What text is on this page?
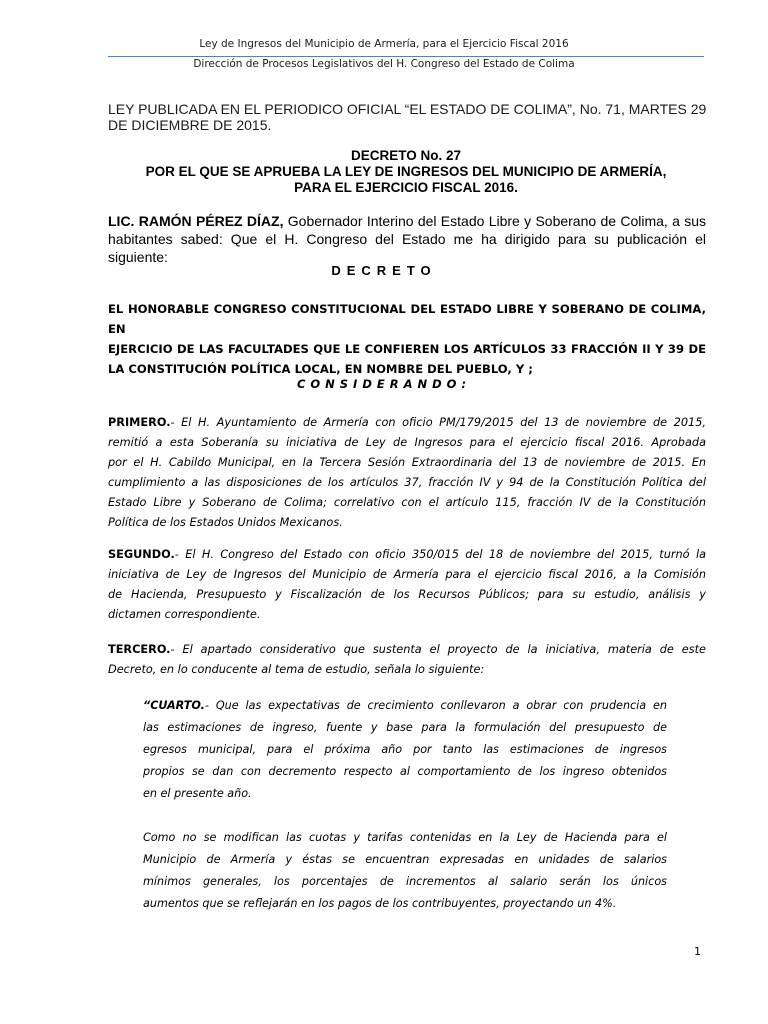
Ley de Ingresos del Municipio de Armería, para el Ejercicio Fiscal 2016
Dirección de Procesos Legislativos del H. Congreso del Estado de Colima
LEY PUBLICADA EN EL PERIODICO OFICIAL “EL ESTADO DE COLIMA”, No. 71, MARTES 29
DE DICIEMBRE DE 2015.
DECRETO No. 27
POR EL QUE SE APRUEBA LA LEY DE INGRESOS DEL MUNICIPIO DE ARMERÍA,
PARA EL EJERCICIO FISCAL 2016.
LIC. RAMÓN PÉREZ DÍAZ, Gobernador Interino del Estado Libre y Soberano de Colima, a sus habitantes sabed: Que el H. Congreso del Estado me ha dirigido para su publicación el siguiente:
DECRETO
EL HONORABLE CONGRESO CONSTITUCIONAL DEL ESTADO LIBRE Y SOBERANO DE COLIMA, EN
EJERCICIO DE LAS FACULTADES QUE LE CONFIEREN LOS ARTÍCULOS 33 FRACCIÓN II Y 39 DE
LA CONSTITUCIÓN POLÍTICA LOCAL, EN NOMBRE DEL PUEBLO, Y ;
CONSIDERANDO:
PRIMERO.- El H. Ayuntamiento de Armería con oficio PM/179/2015 del 13 de noviembre de 2015,
remitió a esta Soberanía su iniciativa de Ley de Ingresos para el ejercicio fiscal 2016. Aprobada
por el H. Cabildo Municipal, en la Tercera Sesión Extraordinaria del 13 de noviembre de 2015. En
cumplimiento a las disposiciones de los artículos 37, fracción IV y 94 de la Constitución Política del
Estado Libre y Soberano de Colima; correlativo con el artículo 115, fracción IV de la Constitución
Política de los Estados Unidos Mexicanos.
SEGUNDO.- El H. Congreso del Estado con oficio 350/015 del 18 de noviembre del 2015, turnó la
iniciativa de Ley de Ingresos del Municipio de Armería para el ejercicio fiscal 2016, a la Comisión
de Hacienda, Presupuesto y Fiscalización de los Recursos Públicos; para su estudio, análisis y
dictamen correspondiente.
TERCERO.- El apartado considerativo que sustenta el proyecto de la iniciativa, materia de este
Decreto, en lo conducente al tema de estudio, señala lo siguiente:
“CUARTO.- Que las expectativas de crecimiento conllevaron a obrar con prudencia en
las estimaciones de ingreso, fuente y base para la formulación del presupuesto de
egresos municipal, para el próxima año por tanto las estimaciones de ingresos
propios se dan con decremento respecto al comportamiento de los ingreso obtenidos
en el presente año.
Como no se modifican las cuotas y tarifas contenidas en la Ley de Hacienda para el
Municipio de Armería y éstas se encuentran expresadas en unidades de salarios
mínimos generales, los porcentajes de incrementos al salario serán los únicos
aumentos que se reflejarán en los pagos de los contribuyentes, proyectando un 4%.
1
